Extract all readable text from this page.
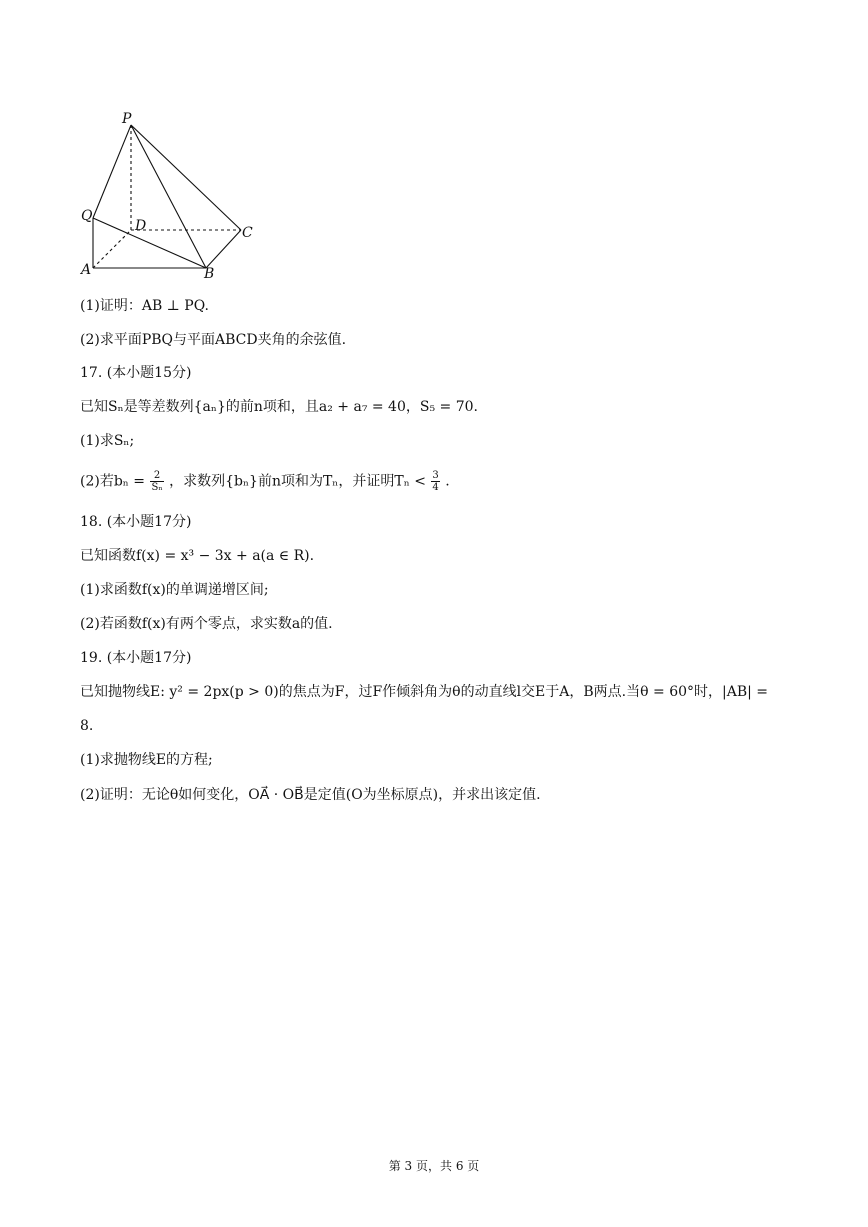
P
Q
D	C
A	B
(1)证明：AB ⊥ PQ.
(2)求平面PBQ与平面ABCD夹角的余弦值.
17. (本小题15分)
已知Sₙ是等差数列{aₙ}的前n项和，且a₂ + a₇ = 40，S₅ = 70.
(1)求Sₙ;
(2)若$b_n = \frac{2}{\text{Sₙ}}$ ，求数列{bₙ}前n项和为Tₙ，并证明$T_n < \frac{3}{4}$ .
18. (本小题17分)
已知函数f(x) = x³ − 3x + a(a ∈ R).
(1)求函数f(x)的单调递增区间;
(2)若函数f(x)有两个零点，求实数a的值.
19. (本小题17分)
已知抛物线E: y² = 2px(p > 0)的焦点为F，过F作倾斜角为θ的动直线l交E于A，B两点.当θ = 60°时，|AB| =
8.
(1)求抛物线E的方程;
(2)证明：无论θ如何变化，OA⃗ · OB⃗是定值(O为坐标原点)，并求出该定值.
第 3 页，共 6 页
